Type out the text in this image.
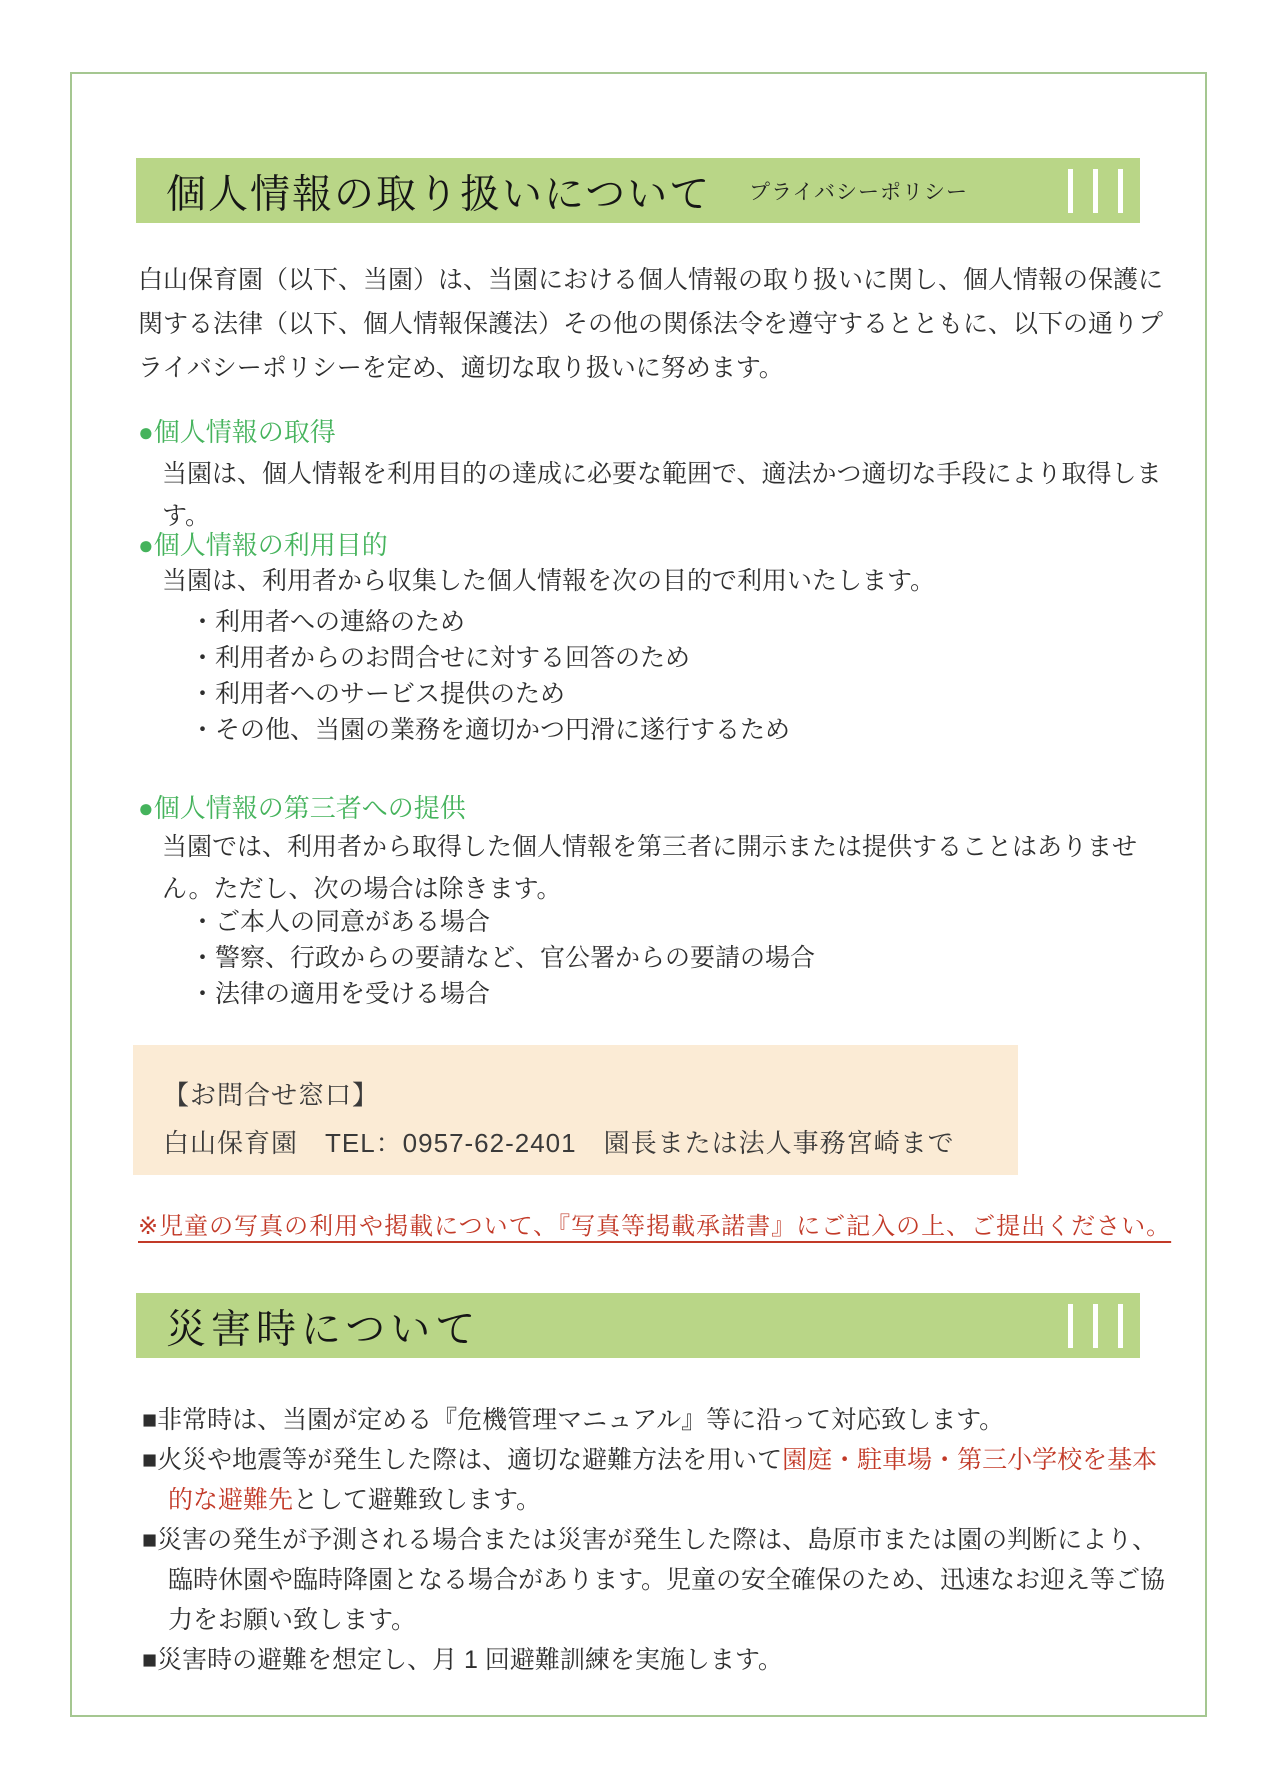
個人情報の取り扱いについて プライバシーポリシー

白山保育園（以下、当園）は、当園における個人情報の取り扱いに関し、個人情報の保護に関する法律（以下、個人情報保護法）その他の関係法令を遵守するとともに、以下の通りプライバシーポリシーを定め、適切な取り扱いに努めます。

●個人情報の取得

当園は、個人情報を利用目的の達成に必要な範囲で、適法かつ適切な手段により取得します。

●個人情報の利用目的

当園は、利用者から収集した個人情報を次の目的で利用いたします。

・利用者への連絡のため
・利用者からのお問合せに対する回答のため
・利用者へのサービス提供のため
・その他、当園の業務を適切かつ円滑に遂行するため
●個人情報の第三者への提供

当園では、利用者から取得した個人情報を第三者に開示または提供することはありません。ただし、次の場合は除きます。

・ご本人の同意がある場合
・警察、行政からの要請など、官公署からの要請の場合
・法律の適用を受ける場合

【お問合せ窓口】

白山保育園　TEL：0957-62-2401　園長または法人事務宮崎まで

※児童の写真の利用や掲載について、『写真等掲載承諾書』にご記入の上、ご提出ください。

災害時について

■非常時は、当園が定める『危機管理マニュアル』等に沿って対応致します。

■火災や地震等が発生した際は、適切な避難方法を用いて園庭・駐車場・第三小学校を基本的な避難先として避難致します。

■災害の発生が予測される場合または災害が発生した際は、島原市または園の判断により、臨時休園や臨時降園となる場合があります。児童の安全確保のため、迅速なお迎え等ご協力をお願い致します。

■災害時の避難を想定し、月 1 回避難訓練を実施します。
